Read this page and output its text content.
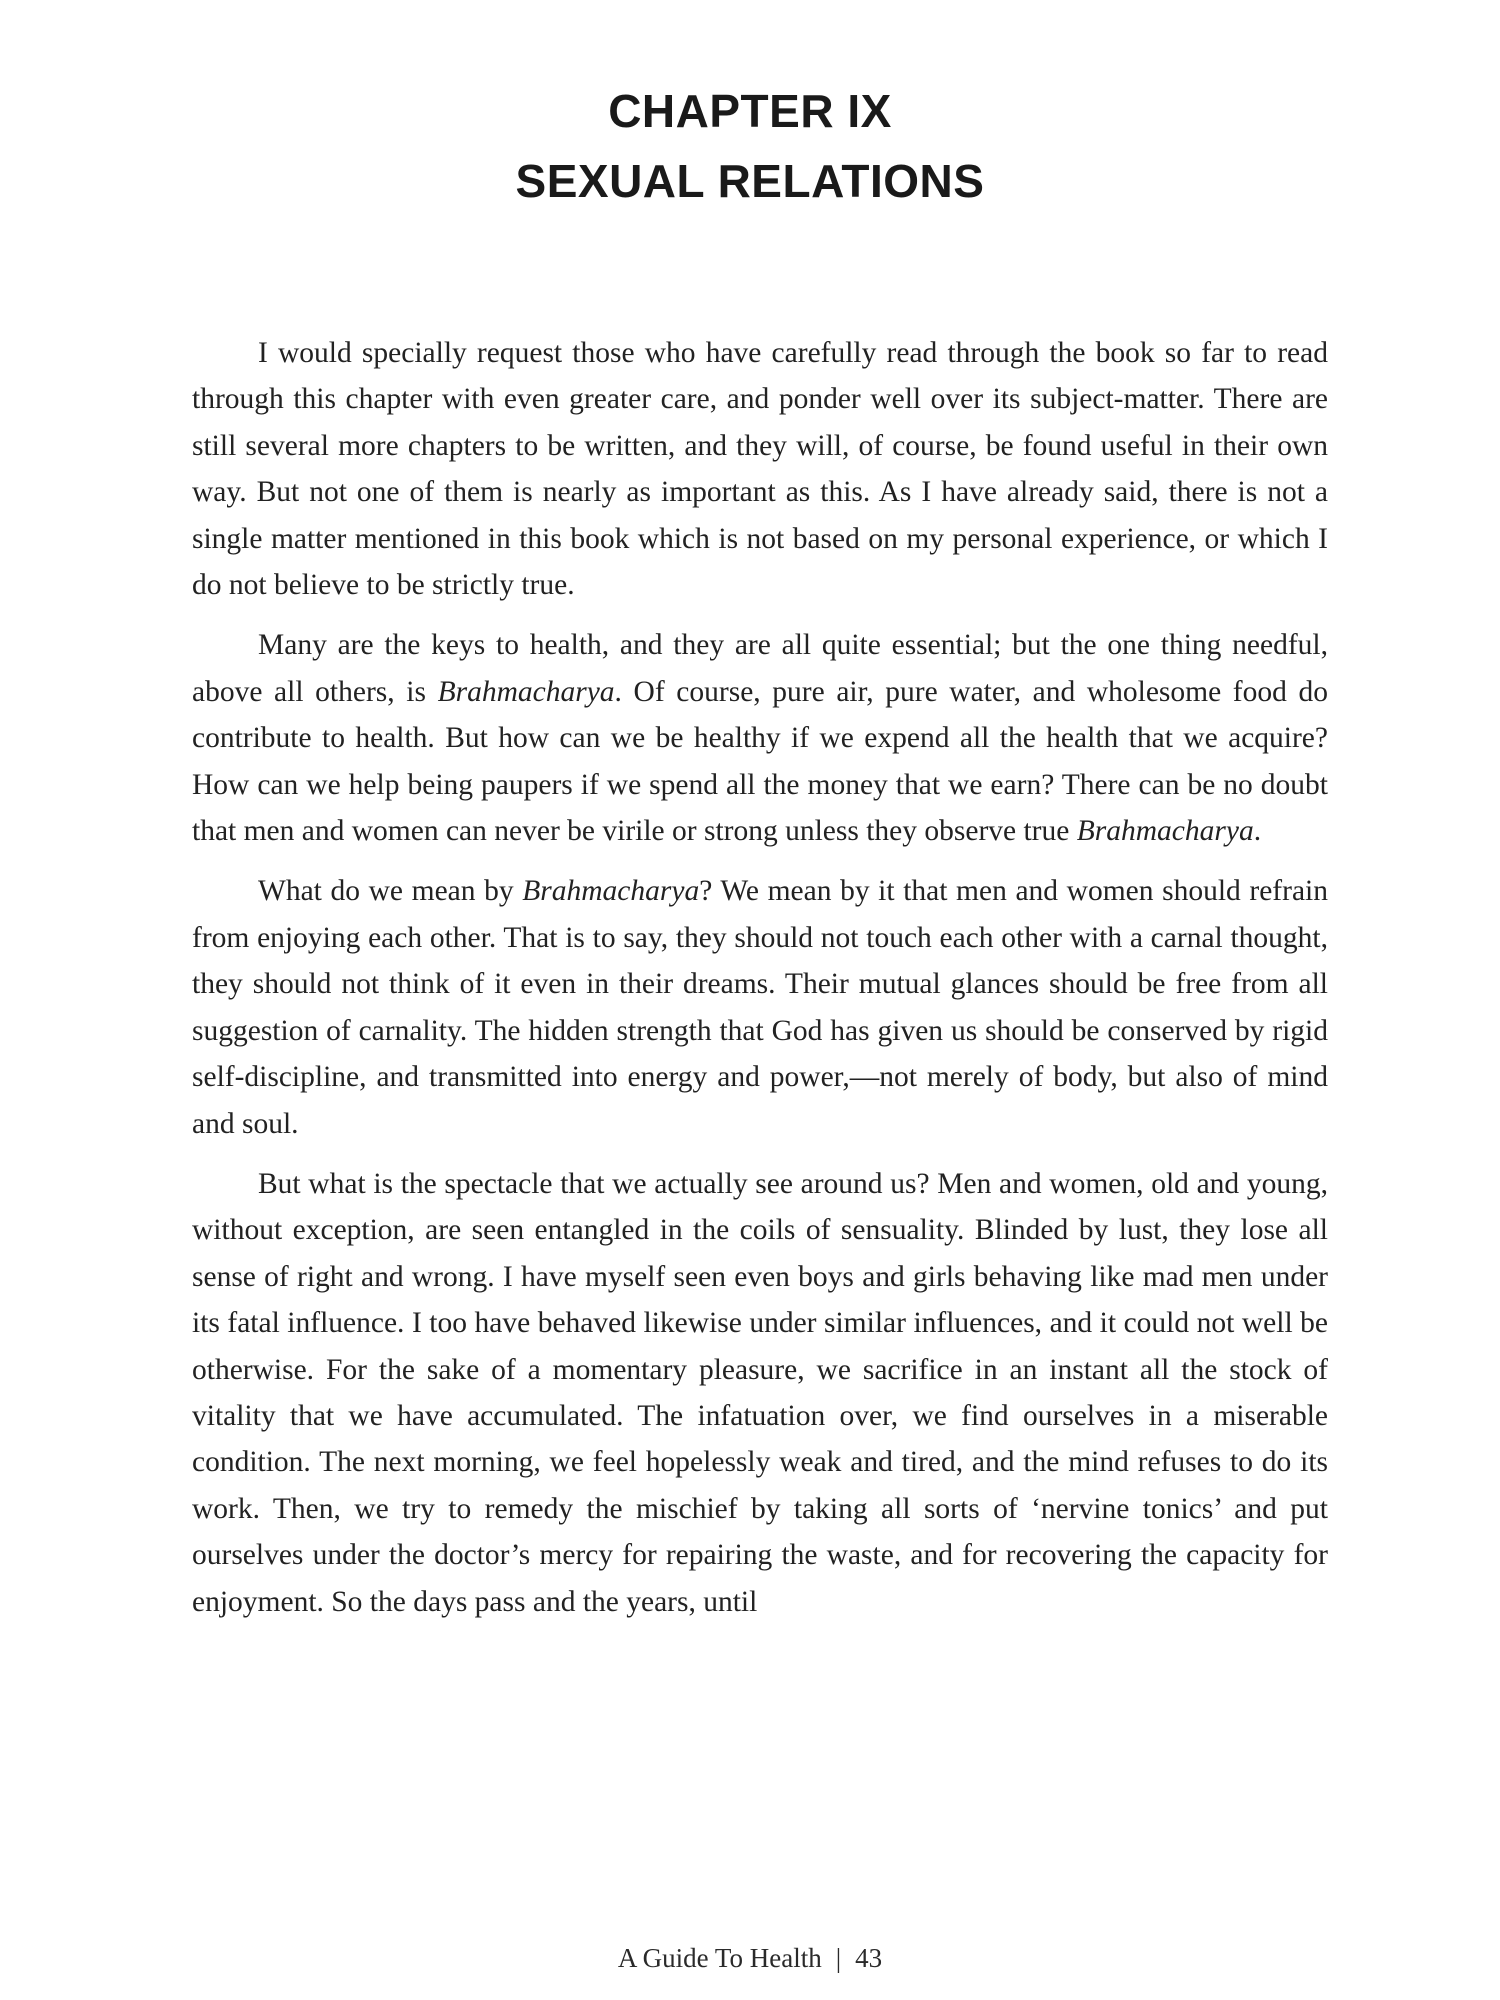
CHAPTER IX
SEXUAL RELATIONS

I would specially request those who have carefully read through the book so far to read through this chapter with even greater care, and ponder well over its subject-matter. There are still several more chapters to be written, and they will, of course, be found useful in their own way. But not one of them is nearly as important as this. As I have already said, there is not a single matter mentioned in this book which is not based on my personal experience, or which I do not believe to be strictly true.

Many are the keys to health, and they are all quite essential; but the one thing needful, above all others, is Brahmacharya. Of course, pure air, pure water, and wholesome food do contribute to health. But how can we be healthy if we expend all the health that we acquire? How can we help being paupers if we spend all the money that we earn? There can be no doubt that men and women can never be virile or strong unless they observe true Brahmacharya.

What do we mean by Brahmacharya? We mean by it that men and women should refrain from enjoying each other. That is to say, they should not touch each other with a carnal thought, they should not think of it even in their dreams. Their mutual glances should be free from all suggestion of carnality. The hidden strength that God has given us should be conserved by rigid self-discipline, and transmitted into energy and power,—not merely of body, but also of mind and soul.

But what is the spectacle that we actually see around us? Men and women, old and young, without exception, are seen entangled in the coils of sensuality. Blinded by lust, they lose all sense of right and wrong. I have myself seen even boys and girls behaving like mad men under its fatal influence. I too have behaved likewise under similar influences, and it could not well be otherwise. For the sake of a momentary pleasure, we sacrifice in an instant all the stock of vitality that we have accumulated. The infatuation over, we find ourselves in a miserable condition. The next morning, we feel hopelessly weak and tired, and the mind refuses to do its work. Then, we try to remedy the mischief by taking all sorts of ‘nervine tonics’ and put ourselves under the doctor’s mercy for repairing the waste, and for recovering the capacity for enjoyment. So the days pass and the years, until

A Guide To Health | 43
